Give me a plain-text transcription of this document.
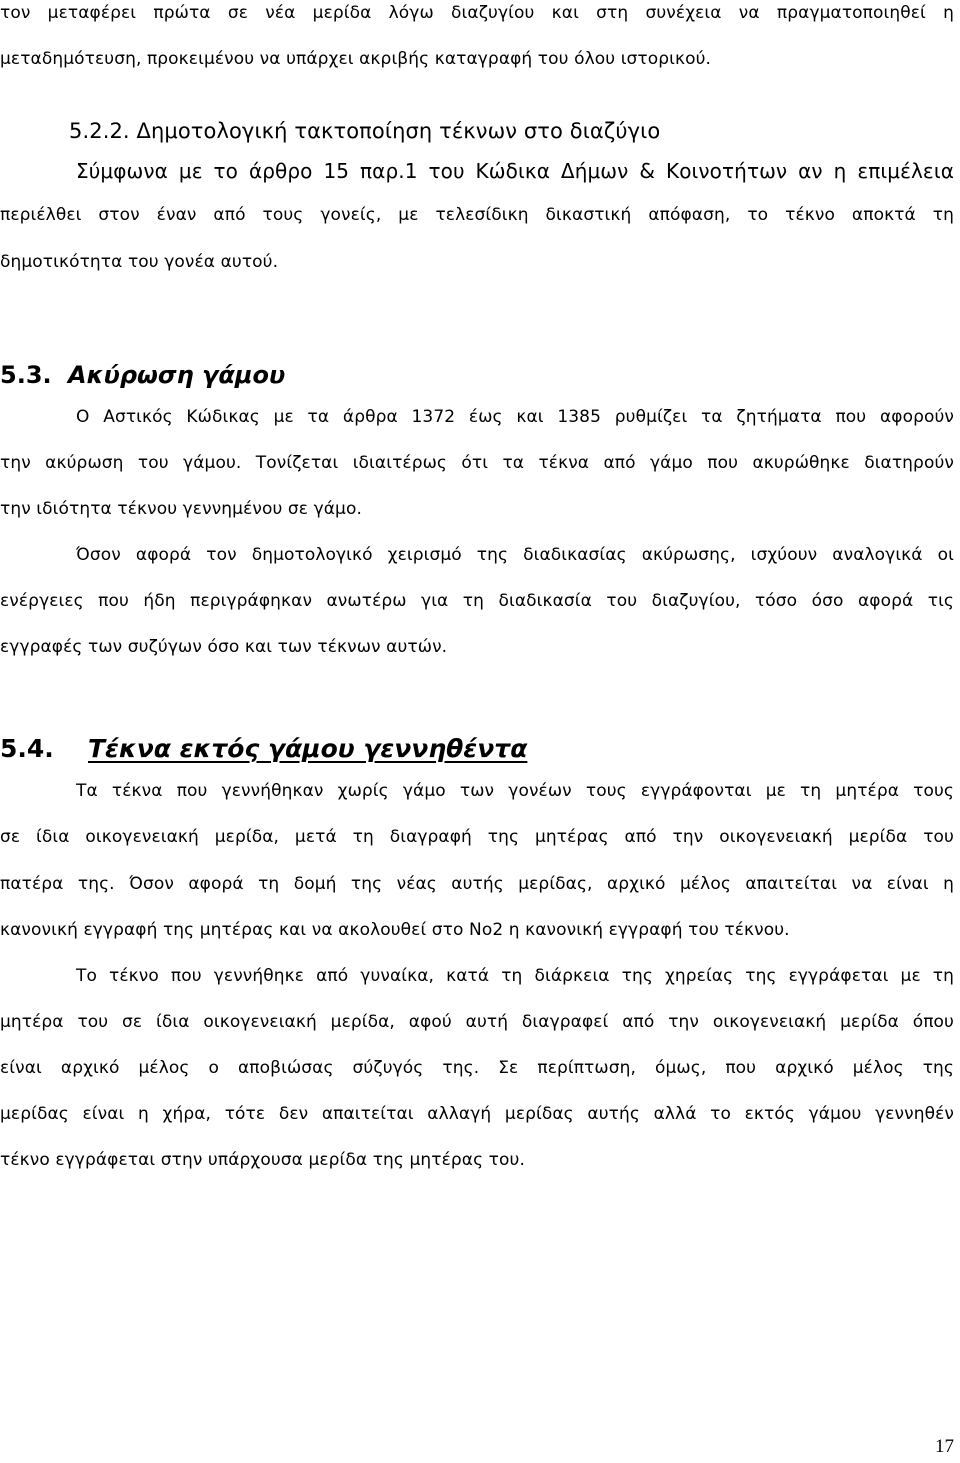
τον μεταφέρει πρώτα σε νέα μερίδα λόγω διαζυγίου και στη συνέχεια να πραγματοποιηθεί η
μεταδημότευση, προκειμένου να υπάρχει ακριβής καταγραφή του όλου ιστορικού.
5.2.2. Δημοτολογική τακτοποίηση τέκνων στο διαζύγιο
Σύμφωνα με το άρθρο 15 παρ.1 του Κώδικα Δήμων & Κοινοτήτων αν η επιμέλεια
περιέλθει στον έναν από τους γονείς, με τελεσίδικη δικαστική απόφαση, το τέκνο αποκτά τη
δημοτικότητα του γονέα αυτού.
5.3. Ακύρωση γάμου
Ο Αστικός Κώδικας με τα άρθρα 1372 έως και 1385 ρυθμίζει τα ζητήματα που αφορούν
την ακύρωση του γάμου. Τονίζεται ιδιαιτέρως ότι τα τέκνα από γάμο που ακυρώθηκε διατηρούν
την ιδιότητα τέκνου γεννημένου σε γάμο.
Όσον αφορά τον δημοτολογικό χειρισμό της διαδικασίας ακύρωσης, ισχύουν αναλογικά οι
ενέργειες που ήδη περιγράφηκαν ανωτέρω για τη διαδικασία του διαζυγίου, τόσο όσο αφορά τις
εγγραφές των συζύγων όσο και των τέκνων αυτών.
5.4. Τέκνα εκτός γάμου γεννηθέντα
Τα τέκνα που γεννήθηκαν χωρίς γάμο των γονέων τους εγγράφονται με τη μητέρα τους
σε ίδια οικογενειακή μερίδα, μετά τη διαγραφή της μητέρας από την οικογενειακή μερίδα του
πατέρα της. Όσον αφορά τη δομή της νέας αυτής μερίδας, αρχικό μέλος απαιτείται να είναι η
κανονική εγγραφή της μητέρας και να ακολουθεί στο Νο2 η κανονική εγγραφή του τέκνου.
Το τέκνο που γεννήθηκε από γυναίκα, κατά τη διάρκεια της χηρείας της εγγράφεται με τη
μητέρα του σε ίδια οικογενειακή μερίδα, αφού αυτή διαγραφεί από την οικογενειακή μερίδα όπου
είναι αρχικό μέλος ο αποβιώσας σύζυγός της. Σε περίπτωση, όμως, που αρχικό μέλος της
μερίδας είναι η χήρα, τότε δεν απαιτείται αλλαγή μερίδας αυτής αλλά το εκτός γάμου γεννηθέν
τέκνο εγγράφεται στην υπάρχουσα μερίδα της μητέρας του.
17
